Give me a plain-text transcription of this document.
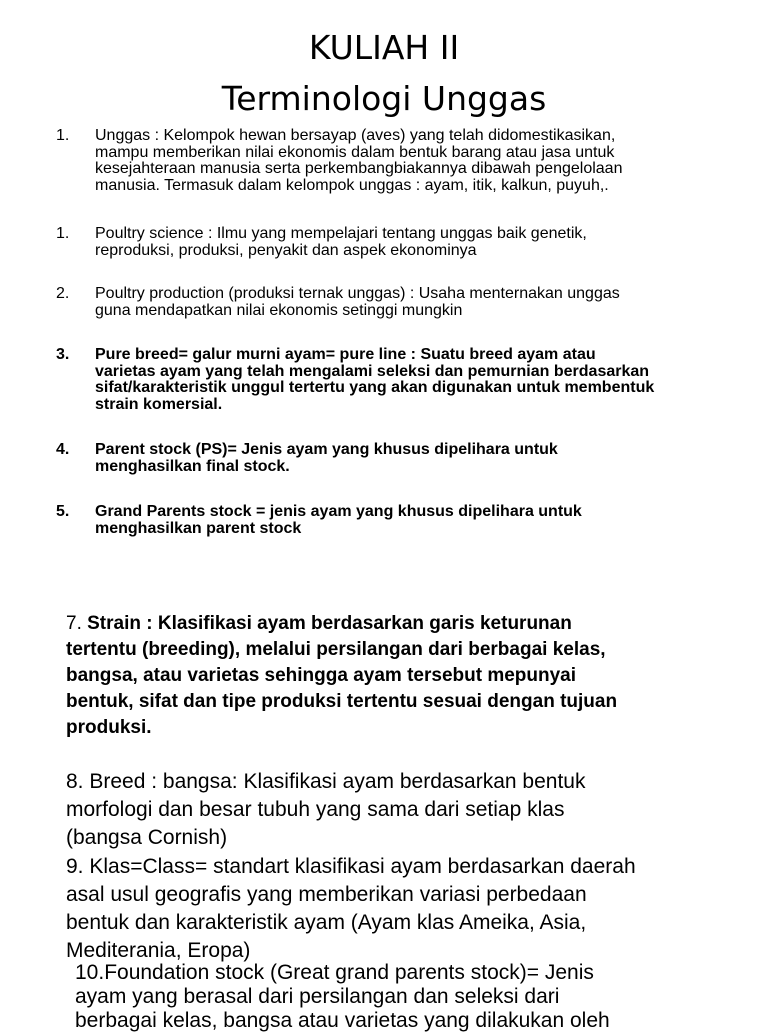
KULIAH II
Terminologi Unggas
1. Unggas : Kelompok hewan bersayap (aves) yang telah didomestikasikan,
mampu memberikan nilai ekonomis dalam bentuk barang atau jasa untuk
kesejahteraan manusia serta perkembangbiakannya dibawah pengelolaan
manusia. Termasuk dalam kelompok unggas : ayam, itik, kalkun, puyuh,.
1. Poultry science : Ilmu yang mempelajari tentang unggas baik genetik,
reproduksi, produksi, penyakit dan aspek ekonominya
2. Poultry production (produksi ternak unggas) : Usaha menternakan unggas
guna mendapatkan nilai ekonomis setinggi mungkin
3. Pure breed= galur murni ayam= pure line : Suatu breed ayam atau
varietas ayam yang telah mengalami seleksi dan pemurnian berdasarkan
sifat/karakteristik unggul tertertu yang akan digunakan untuk membentuk
strain komersial.
4. Parent stock (PS)= Jenis ayam yang khusus dipelihara untuk
menghasilkan final stock.
5. Grand Parents stock = jenis ayam yang khusus dipelihara untuk
menghasilkan parent stock
7. Strain : Klasifikasi ayam berdasarkan garis keturunan
tertentu (breeding), melalui persilangan dari berbagai kelas,
bangsa, atau varietas sehingga ayam tersebut mepunyai
bentuk, sifat dan tipe produksi tertentu sesuai dengan tujuan
produksi.
8. Breed : bangsa: Klasifikasi ayam berdasarkan bentuk
morfologi dan besar tubuh yang sama dari setiap klas
(bangsa Cornish)
9. Klas=Class= standart klasifikasi ayam berdasarkan daerah
asal usul geografis yang memberikan variasi perbedaan
bentuk dan karakteristik ayam (Ayam klas Ameika, Asia,
Mediterania, Eropa)
10.Foundation stock (Great grand parents stock)= Jenis
ayam yang berasal dari persilangan dan seleksi dari
berbagai kelas, bangsa atau varietas yang dilakukan oleh
